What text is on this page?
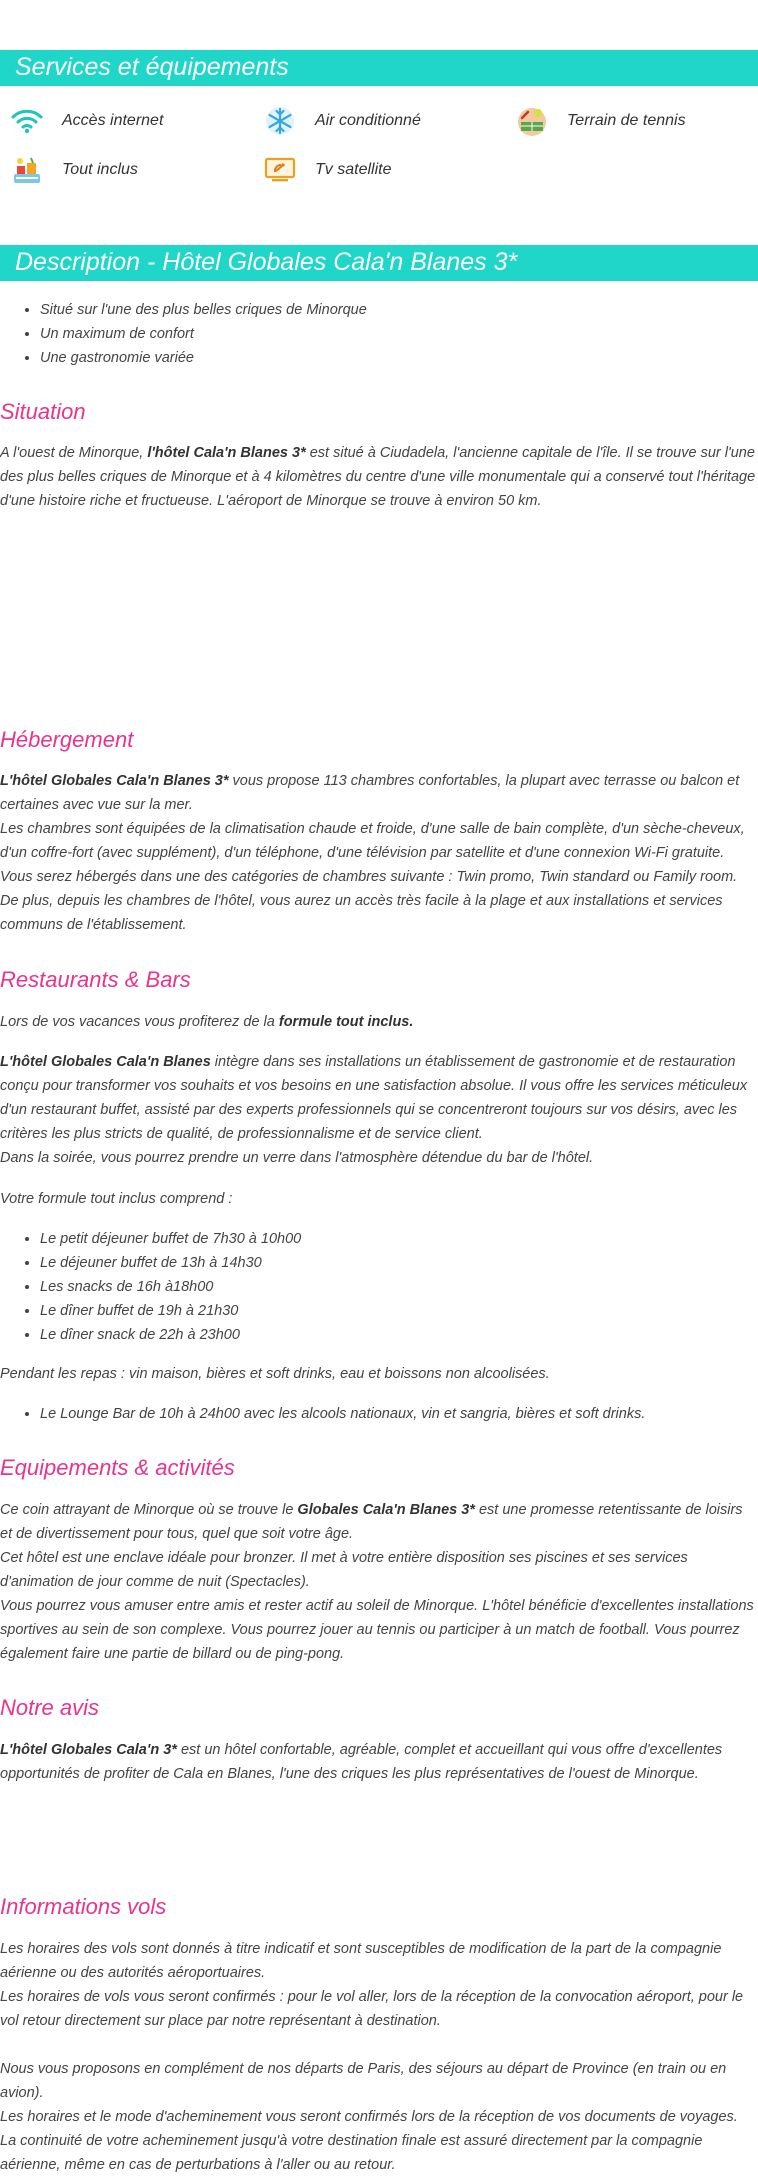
Services et équipements
Accès internet	Air conditionné	Terrain de tennis
Tout inclus	Tv satellite
Description - Hôtel Globales Cala'n Blanes 3*
• Situé sur l'une des plus belles criques de Minorque
• Un maximum de confort
• Une gastronomie variée
Situation

A l'ouest de Minorque, l'hôtel Cala'n Blanes 3* est situé à Ciudadela, l'ancienne capitale de l'île. Il se trouve sur l'une des plus belles criques de Minorque et à 4 kilomètres du centre d'une ville monumentale qui a conservé tout l'héritage d'une histoire riche et fructueuse. L'aéroport de Minorque se trouve à environ 50 km.

Hébergement

L'hôtel Globales Cala'n Blanes 3* vous propose 113 chambres confortables, la plupart avec terrasse ou balcon et certaines avec vue sur la mer.
Les chambres sont équipées de la climatisation chaude et froide, d'une salle de bain complète, d'un sèche-cheveux, d'un coffre-fort (avec supplément), d'un téléphone, d'une télévision par satellite et d'une connexion Wi-Fi gratuite.
Vous serez hébergés dans une des catégories de chambres suivante : Twin promo, Twin standard ou Family room.
De plus, depuis les chambres de l'hôtel, vous aurez un accès très facile à la plage et aux installations et services communs de l'établissement.

Restaurants & Bars

Lors de vos vacances vous profiterez de la formule tout inclus.

L'hôtel Globales Cala'n Blanes intègre dans ses installations un établissement de gastronomie et de restauration conçu pour transformer vos souhaits et vos besoins en une satisfaction absolue. Il vous offre les services méticuleux d'un restaurant buffet, assisté par des experts professionnels qui se concentreront toujours sur vos désirs, avec les critères les plus stricts de qualité, de professionnalisme et de service client.
Dans la soirée, vous pourrez prendre un verre dans l'atmosphère détendue du bar de l'hôtel.

Votre formule tout inclus comprend :

• Le petit déjeuner buffet de 7h30 à 10h00
• Le déjeuner buffet de 13h à 14h30
• Les snacks de 16h à18h00
• Le dîner buffet de 19h à 21h30
• Le dîner snack de 22h à 23h00

Pendant les repas : vin maison, bières et soft drinks, eau et boissons non alcoolisées.

• Le Lounge Bar de 10h à 24h00 avec les alcools nationaux, vin et sangria, bières et soft drinks.
Equipements & activités

Ce coin attrayant de Minorque où se trouve le Globales Cala'n Blanes 3* est une promesse retentissante de loisirs et de divertissement pour tous, quel que soit votre âge.
Cet hôtel est une enclave idéale pour bronzer. Il met à votre entière disposition ses piscines et ses services d'animation de jour comme de nuit (Spectacles).
Vous pourrez vous amuser entre amis et rester actif au soleil de Minorque. L'hôtel bénéficie d'excellentes installations sportives au sein de son complexe. Vous pourrez jouer au tennis ou participer à un match de football. Vous pourrez également faire une partie de billard ou de ping-pong.

Notre avis

L'hôtel Globales Cala'n 3* est un hôtel confortable, agréable, complet et accueillant qui vous offre d'excellentes opportunités de profiter de Cala en Blanes, l'une des criques les plus représentatives de l'ouest de Minorque.

Informations vols

Les horaires des vols sont donnés à titre indicatif et sont susceptibles de modification de la part de la compagnie aérienne ou des autorités aéroportuaires.
Les horaires de vols vous seront confirmés : pour le vol aller, lors de la réception de la convocation aéroport, pour le vol retour directement sur place par notre représentant à destination.

Nous vous proposons en complément de nos départs de Paris, des séjours au départ de Province (en train ou en avion).
Les horaires et le mode d'acheminement vous seront confirmés lors de la réception de vos documents de voyages.
La continuité de votre acheminement jusqu'à votre destination finale est assuré directement par la compagnie aérienne, même en cas de perturbations à l'aller ou au retour.
